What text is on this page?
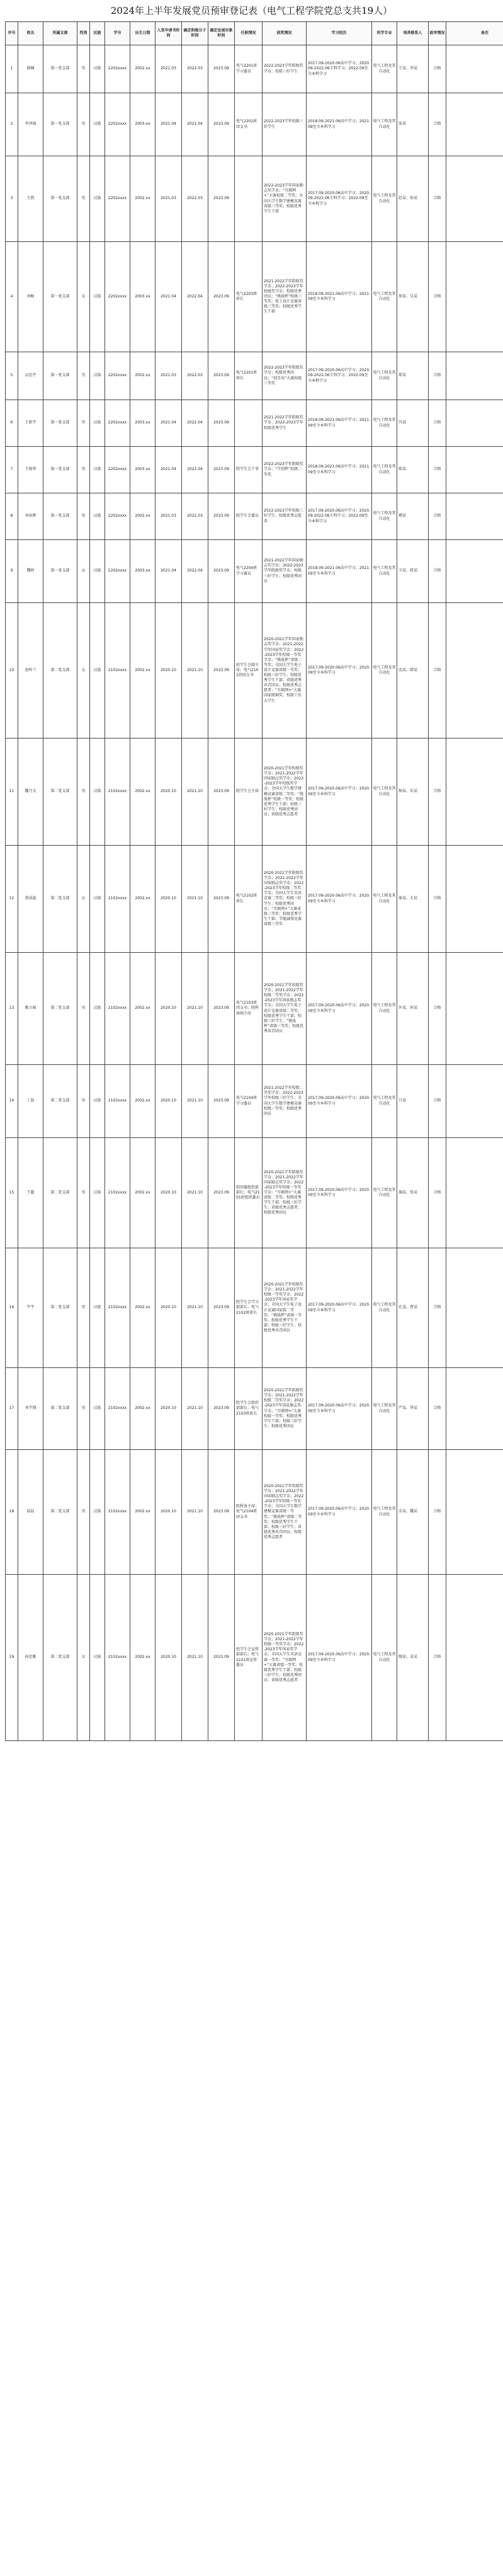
2024年上半年发展党员预审登记表（电气工程学院党总支共19人）
序号	姓名	所属支部	性别	民族	学号	出生日期	入党申请书时间	确定积极分子时间	确定发展对象时间	任职情况	获奖情况	学习经历	所学专业	培养联系人	政审情况	备注
1	韩楠	第一党支部	男	汉族	2202xxxx	2002.xx	2021.03	2022.03	2023.09	电气2201班学习委员	2022-2023学年院级奖学金；校级三好学生	2017.09-2020.06高中学习；2020.09-2022.06专科学习；2022.09至今本科学习	电气工程及其自动化	王某、李某	合格	
2	李泽瑞	第一党支部	男	汉族	2202xxxx	2003.xx	2021.04	2022.04	2023.09	电气2202班团支书	2022-2023学年校级三好学生	2018.09-2021.06高中学习；2021.09至今本科学习	电气工程及其自动化	张某	合格	
3	王凯	第一党支部	男	汉族	2202xxxx	2002.xx	2021.03	2022.03	2023.09		2022-2023学年国家励志奖学金；“互联网+”大赛校级二等奖；全国大学生数学建模竞赛省级三等奖；校级优秀学生干部	2017.09-2020.06高中学习；2020.09-2022.06专科学习；2022.09至今本科学习	电气工程及其自动化	赵某、孙某	合格	
4	刘畅	第一党支部	女	汉族	2202xxxx	2003.xx	2021.04	2022.04	2023.09	电气2203班班长	2021-2022学年院级奖学金；2022-2023学年校级奖学金；校级优秀团员；“挑战杯”校级三等奖；电子设计竞赛省级三等奖；校级优秀学生干部	2018.09-2021.06高中学习；2021.09至今本科学习	电气工程及其自动化	周某、吴某	合格	
5	孟思宇	第一党支部	男	汉族	2202xxxx	2002.xx	2021.03	2022.03	2023.09	电气2201班班长	2022-2023学年院级奖学金；校级优秀团员；“创青春”大赛校级三等奖	2017.09-2020.06高中学习；2020.09-2022.06专科学习；2022.09至今本科学习	电气工程及其自动化	郑某	合格	
6	王新宇	第一党支部	男	汉族	2202xxxx	2003.xx	2021.04	2022.04	2023.09		2021-2022学年院级奖学金；2022-2023学年校级优秀学生	2018.09-2021.06高中学习；2021.09至今本科学习	电气工程及其自动化	冯某	合格	
7	王俊华	第一党支部	男	汉族	2202xxxx	2003.xx	2021.04	2022.04	2023.09	院学生会干事	2022-2023学年院级奖学金；“学创杯”校级二等奖	2018.09-2021.06高中学习；2021.09至今本科学习	电气工程及其自动化	陈某	合格	
8	刘春晖	第一党支部	男	汉族	2202xxxx	2002.xx	2021.03	2022.03	2023.09	院学生会委员	2022-2023学年校级三好学生；校级优秀志愿者	2017.09-2020.06高中学习；2020.09-2022.06专科学习；2022.09至今本科学习	电气工程及其自动化	褚某	合格	
9	魏婷	第一党支部	女	汉族	2202xxxx	2003.xx	2021.04	2022.04	2023.09	电气2204班学习委员	2021-2022学年国家励志奖学金；2022-2023学年院级奖学金；校级三好学生；校级优秀团员	2018.09-2021.06高中学习；2021.09至今本科学习	电气工程及其自动化	卫某、蒋某	合格	
10	赵梓兰	第二党支部	女	汉族	2102xxxx	2002.xx	2020.10	2021.10	2023.09	校学生会副主席；电气2101班团支书	2020-2021学年国家励志奖学金；2021-2022学年国家奖学金；2022-2023学年校级一等奖学金；“挑战杯”省级二等奖；全国大学生电子设计竞赛省级一等奖；校级三好学生；校级优秀学生干部；省级优秀共青团员；校级优秀志愿者；“互联网+”大赛国家级铜奖；校级十佳大学生	2017.09-2020.06高中学习；2020.09至今本科学习	电气工程及其自动化	沈某、韩某	合格	
11	魏乃文	第二党支部	男	汉族	2102xxxx	2002.xx	2020.10	2021.10	2023.09	院学生会主席	2020-2021学年校级奖学金；2021-2022学年国家励志奖学金；2022-2023学年校级奖学金；全国大学生数学建模竞赛省级二等奖；“挑战杯”校级一等奖；校级优秀学生干部；校级三好学生；校级优秀团员；省级优秀志愿者	2017.09-2020.06高中学习；2020.09至今本科学习	电气工程及其自动化	杨某、朱某	合格	
12	胡成蕊	第二党支部	女	汉族	2102xxxx	2002.xx	2020.10	2021.10	2023.09	电气2102班班长	2020-2021学年院级奖学金；2021-2022学年国家励志奖学金；2022-2023学年校级二等奖学金；全国大学生英语竞赛二等奖；校级三好学生；校级优秀团员；“互联网+”大赛省级三等奖；校级优秀学生干部；节能减排竞赛省级三等奖	2017.09-2020.06高中学习；2020.09至今本科学习	电气工程及其自动化	秦某、尤某	合格	
13	姚立园	第二党支部	男	汉族	2102xxxx	2002.xx	2020.10	2021.10	2023.09	电气2103班团支书；院科协副主席	2020-2021学年校级奖学金；2021-2022学年校级二等奖学金；2022-2023学年国家励志奖学金；全国大学生电子设计竞赛省级二等奖；校级优秀学生干部；校级三好学生；“挑战杯”省级三等奖；校级优秀共青团员	2017.09-2020.06高中学习；2020.09至今本科学习	电气工程及其自动化	许某、何某	合格	
14	丁磊	第二党支部	男	汉族	2102xxxx	2002.xx	2020.10	2021.10	2023.09	电气2104班学习委员	2021-2022学年校级二等奖学金；2022-2023学年校级三好学生；全国大学生数学建模竞赛校级一等奖；校级优秀团员	2017.09-2020.06高中学习；2020.09至今本科学习	电气工程及其自动化	吕某	合格	
15	王超	第二党支部	男	汉族	2102xxxx	2002.xx	2020.10	2021.10	2023.09	校团委组织部部长；电气2101班组织委员	2020-2021学年院级奖学金；2021-2022学年国家励志奖学金；2022-2023学年校级一等奖学金；“互联网+”大赛省级二等奖；校级优秀学生干部；校级三好学生；省级优秀志愿者；校级优秀团员	2017.09-2020.06高中学习；2020.09至今本科学习	电气工程及其自动化	施某、张某	合格	
16	牛宇	第二党支部	男	汉族	2102xxxx	2002.xx	2020.10	2021.10	2023.09	院学生会学习部部长；电气2102班班长	2020-2021学年校级奖学金；2021-2022学年校级一等奖学金；2022-2023学年国家奖学金；全国大学生电子设计竞赛国家级二等奖；“挑战杯”省级一等奖；校级优秀学生干部；校级三好学生；校级优秀共青团员	2017.09-2020.06高中学习；2020.09至今本科学习	电气工程及其自动化	孔某、曹某	合格	
17	刘宇翔	第二党支部	男	汉族	2102xxxx	2002.xx	2020.10	2021.10	2023.09	院学生会组织部部长；电气2103班班长	2020-2021学年院级奖学金；2021-2022学年校级二等奖学金；2022-2023学年国家励志奖学金；“互联网+”大赛校级一等奖；校级优秀学生干部；校级三好学生；校级优秀团员	2017.09-2020.06高中学习；2020.09至今本科学习	电气工程及其自动化	严某、华某	合格	
18	温晨	第二党支部	男	汉族	2102xxxx	2002.xx	2020.10	2021.10	2023.09	院科协主席；电气2104班团支书	2020-2021学年校级奖学金；2021-2022学年国家励志奖学金；2022-2023学年校级一等奖学金；全国大学生数学建模竞赛省级一等奖；“挑战杯”省级二等奖；校级优秀学生干部；校级三好学生；省级优秀共青团员；校级优秀志愿者	2017.09-2020.06高中学习；2020.09至今本科学习	电气工程及其自动化	金某、魏某	合格	
19	孙思雅	第二党支部	女	汉族	2102xxxx	2002.xx	2020.10	2021.10	2023.09	校学生会宣传部部长；电气2101班宣传委员	2020-2021学年院级奖学金；2021-2022学年校级一等奖学金；2022-2023学年国家奖学金；全国大学生英语竞赛一等奖；“互联网+”大赛省级一等奖；校级优秀学生干部；校级三好学生；校级优秀团员；省级优秀志愿者	2017.09-2020.06高中学习；2020.09至今本科学习	电气工程及其自动化	陶某、姜某	合格	
